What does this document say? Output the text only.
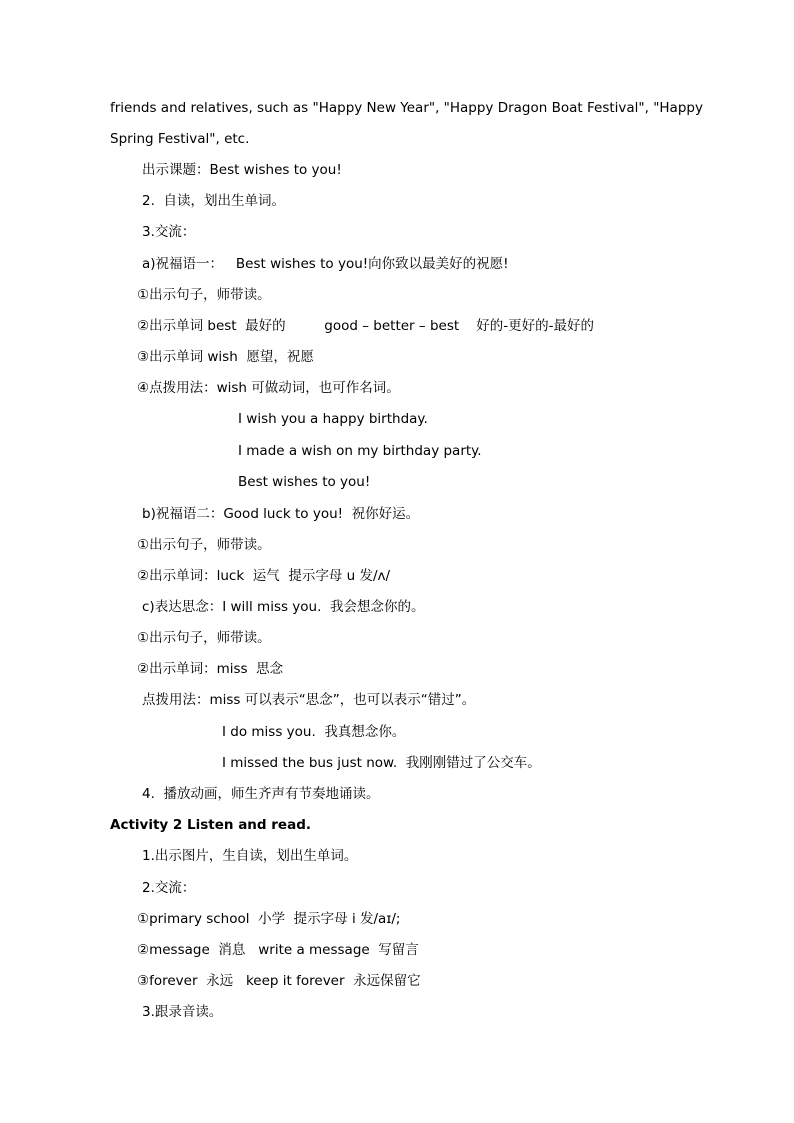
friends and relatives, such as "Happy New Year", "Happy Dragon Boat Festival", "Happy
Spring Festival", etc.
出示课题：Best wishes to you!
2.  自读，划出生单词。
3.交流：
a)祝福语一：   Best wishes to you!向你致以最美好的祝愿!
①出示句子，师带读。
②出示单词 best  最好的         good – better – best    好的-更好的-最好的
③出示单词 wish  愿望，祝愿
④点拨用法：wish 可做动词，也可作名词。
I wish you a happy birthday.
I made a wish on my birthday party.
Best wishes to you!
b)祝福语二：Good luck to you!  祝你好运。
①出示句子，师带读。
②出示单词：luck  运气  提示字母 u 发/ʌ/
c)表达思念：I will miss you.  我会想念你的。
①出示句子，师带读。
②出示单词：miss  思念
点拨用法：miss 可以表示“思念”，也可以表示“错过”。
I do miss you.  我真想念你。
I missed the bus just now.  我刚刚错过了公交车。
4.  播放动画，师生齐声有节奏地诵读。
Activity 2 Listen and read.
1.出示图片，生自读，划出生单词。
2.交流：
①primary school  小学  提示字母 i 发/aɪ/;
②message  消息   write a message  写留言
③forever  永远   keep it forever  永远保留它
3.跟录音读。
